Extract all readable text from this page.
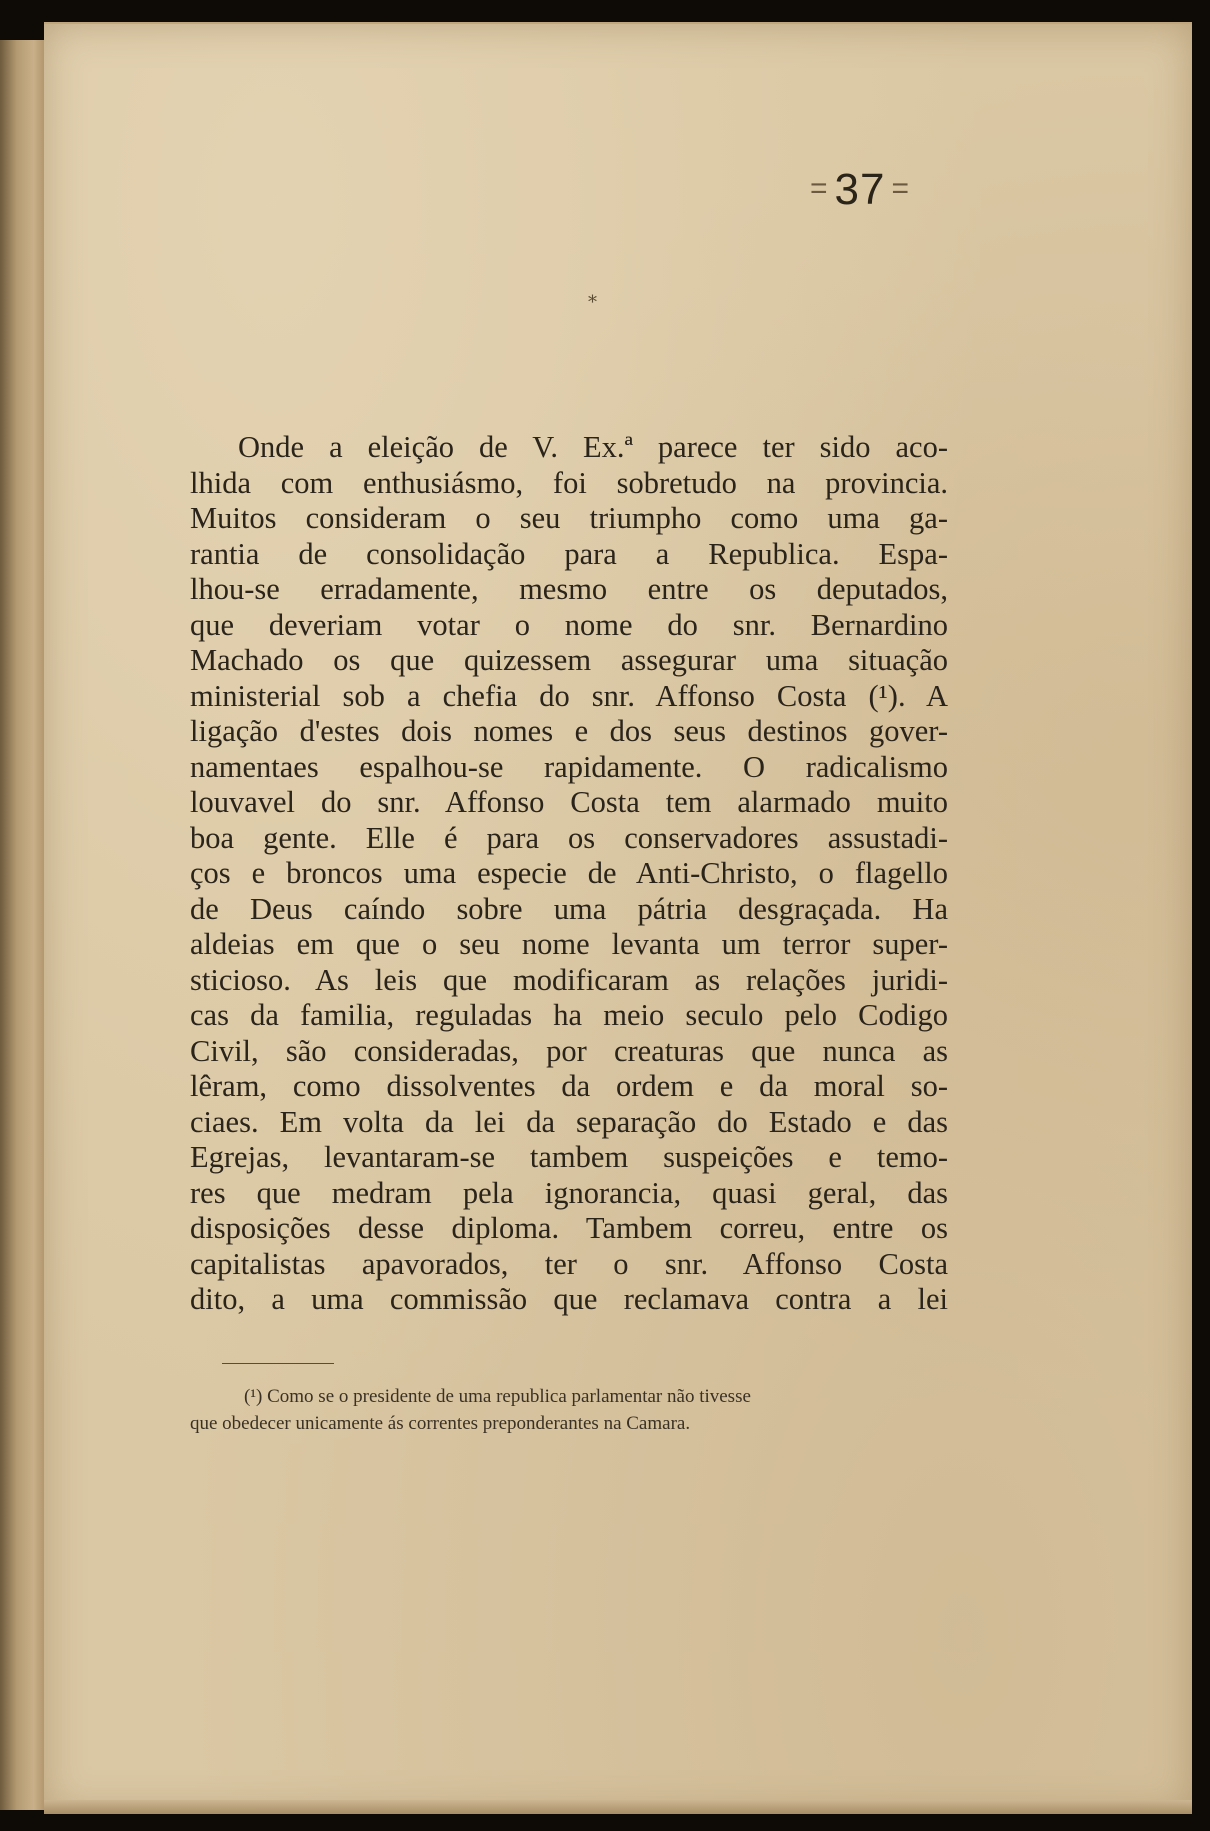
= 37 =
*
Onde a eleição de V. Ex.ª parece ter sido aco-
lhida com enthusiásmo, foi sobretudo na provincia.
Muitos consideram o seu triumpho como uma ga-
rantia de consolidação para a Republica. Espa-
lhou-se erradamente, mesmo entre os deputados,
que deveriam votar o nome do snr. Bernardino
Machado os que quizessem assegurar uma situação
ministerial sob a chefia do snr. Affonso Costa (¹). A
ligação d'estes dois nomes e dos seus destinos gover-
namentaes espalhou-se rapidamente. O radicalismo
louvavel do snr. Affonso Costa tem alarmado muito
boa gente. Elle é para os conservadores assustadi-
ços e broncos uma especie de Anti-Christo, o flagello
de Deus caíndo sobre uma pátria desgraçada. Ha
aldeias em que o seu nome levanta um terror super-
sticioso. As leis que modificaram as relações juridi-
cas da familia, reguladas ha meio seculo pelo Codigo
Civil, são consideradas, por creaturas que nunca as
lêram, como dissolventes da ordem e da moral so-
ciaes. Em volta da lei da separação do Estado e das
Egrejas, levantaram-se tambem suspeições e temo-
res que medram pela ignorancia, quasi geral, das
disposições desse diploma. Tambem correu, entre os
capitalistas apavorados, ter o snr. Affonso Costa
dito, a uma commissão que reclamava contra a lei
(¹) Como se o presidente de uma republica parlamentar não tivesse
que obedecer unicamente ás correntes preponderantes na Camara.
